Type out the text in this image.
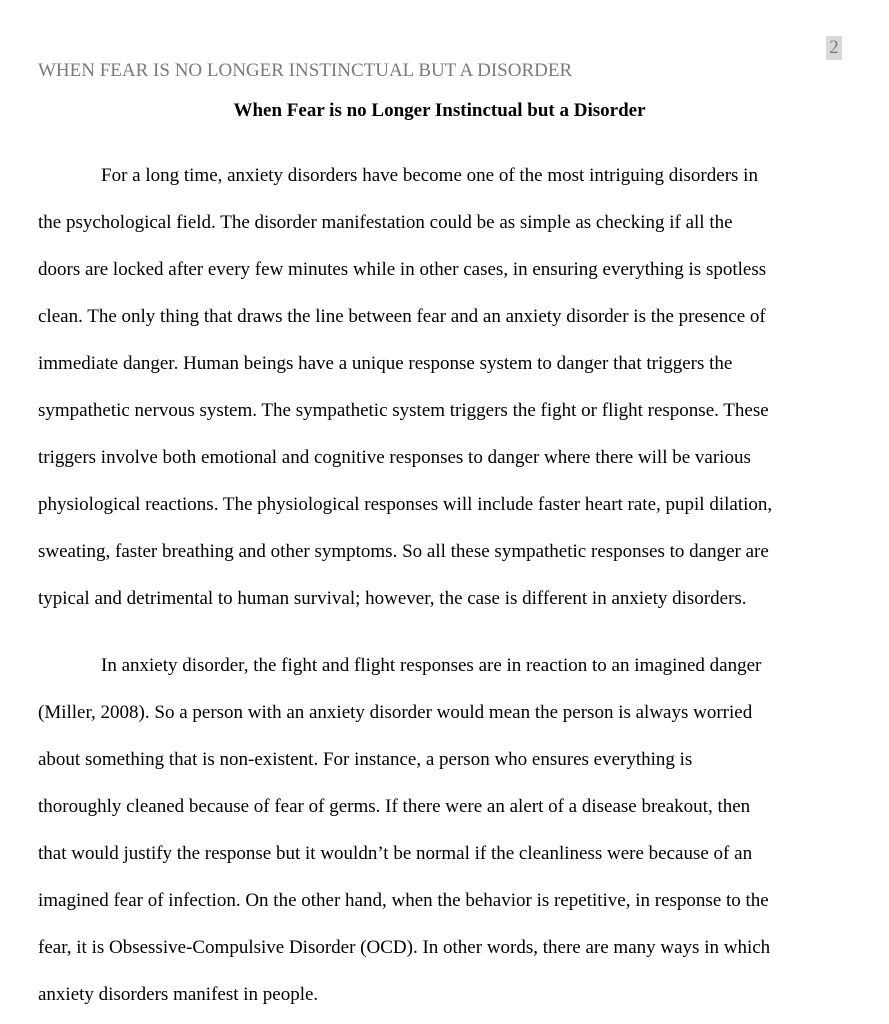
2
WHEN FEAR IS NO LONGER INSTINCTUAL BUT A DISORDER
When Fear is no Longer Instinctual but a Disorder
For a long time, anxiety disorders have become one of the most intriguing disorders in
the psychological field. The disorder manifestation could be as simple as checking if all the
doors are locked after every few minutes while in other cases, in ensuring everything is spotless
clean. The only thing that draws the line between fear and an anxiety disorder is the presence of
immediate danger. Human beings have a unique response system to danger that triggers the
sympathetic nervous system. The sympathetic system triggers the fight or flight response. These
triggers involve both emotional and cognitive responses to danger where there will be various
physiological reactions. The physiological responses will include faster heart rate, pupil dilation,
sweating, faster breathing and other symptoms. So all these sympathetic responses to danger are
typical and detrimental to human survival; however, the case is different in anxiety disorders.
In anxiety disorder, the fight and flight responses are in reaction to an imagined danger
(Miller, 2008). So a person with an anxiety disorder would mean the person is always worried
about something that is non-existent. For instance, a person who ensures everything is
thoroughly cleaned because of fear of germs. If there were an alert of a disease breakout, then
that would justify the response but it wouldn’t be normal if the cleanliness were because of an
imagined fear of infection. On the other hand, when the behavior is repetitive, in response to the
fear, it is Obsessive-Compulsive Disorder (OCD). In other words, there are many ways in which
anxiety disorders manifest in people.
